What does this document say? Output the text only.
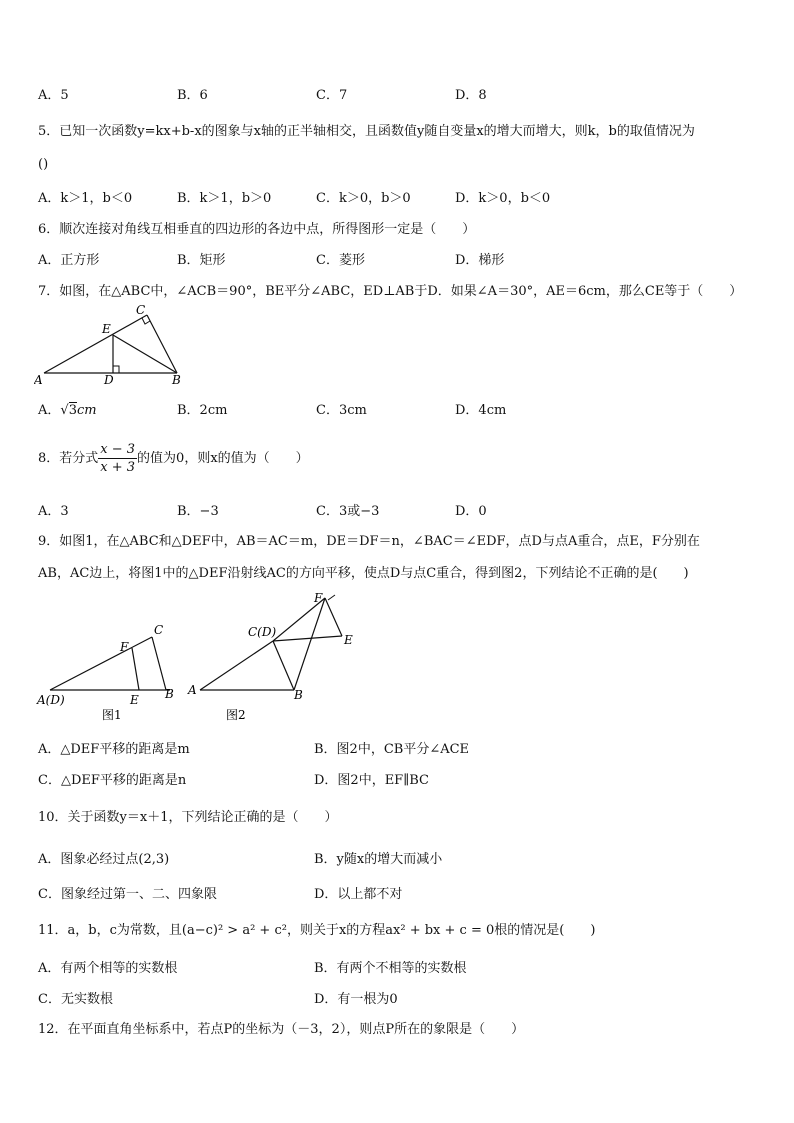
A．5	B．6	C．7	D．8
5．已知一次函数y=kx+b-x的图象与x轴的正半轴相交，且函数值y随自变量x的增大而增大，则k，b的取值情况为
()
A．k＞1，b＜0	B．k＞1，b＞0	C．k＞0，b＞0	D．k＞0，b＜0
6．顺次连接对角线互相垂直的四边形的各边中点，所得图形一定是（　　）
A．正方形	B．矩形	C．菱形	D．梯形
7．如图，在△ABC中，∠ACB＝90°，BE平分∠ABC，ED⊥AB于D．如果∠A＝30°，AE＝6cm，那么CE等于（　　）
A	D	B
E
C
A．√3cm	B．2cm	C．3cm	D．4cm
8．若分式 $\frac{x - 3}{x + 3}$ 的值为0，则x的值为（　　）
A．3	B．−3	C．3或−3	D．0
9．如图1，在△ABC和△DEF中，AB＝AC＝m，DE＝DF＝n，∠BAC＝∠EDF，点D与点A重合，点E，F分别在
AB，AC边上，将图1中的△DEF沿射线AC的方向平移，使点D与点C重合，得到图2，下列结论不正确的是(　　)
A(D)
C
F
E B
图1
F
C(D)
E
A	B
图2
A．△DEF平移的距离是m	B．图2中，CB平分∠ACE
C．△DEF平移的距离是n	D．图2中，EF∥BC
10．关于函数y＝x＋1，下列结论正确的是（　　）
A．图象必经过点(2,3)	B．y随x的增大而减小
C．图象经过第一、二、四象限	D．以上都不对
11．a，b，c为常数，且(a−c)² > a² + c²，则关于x的方程ax² + bx + c = 0根的情况是(　　)
A．有两个相等的实数根	B．有两个不相等的实数根
C．无实数根	D．有一根为0
12．在平面直角坐标系中，若点P的坐标为（－3，2），则点P所在的象限是（　　）
